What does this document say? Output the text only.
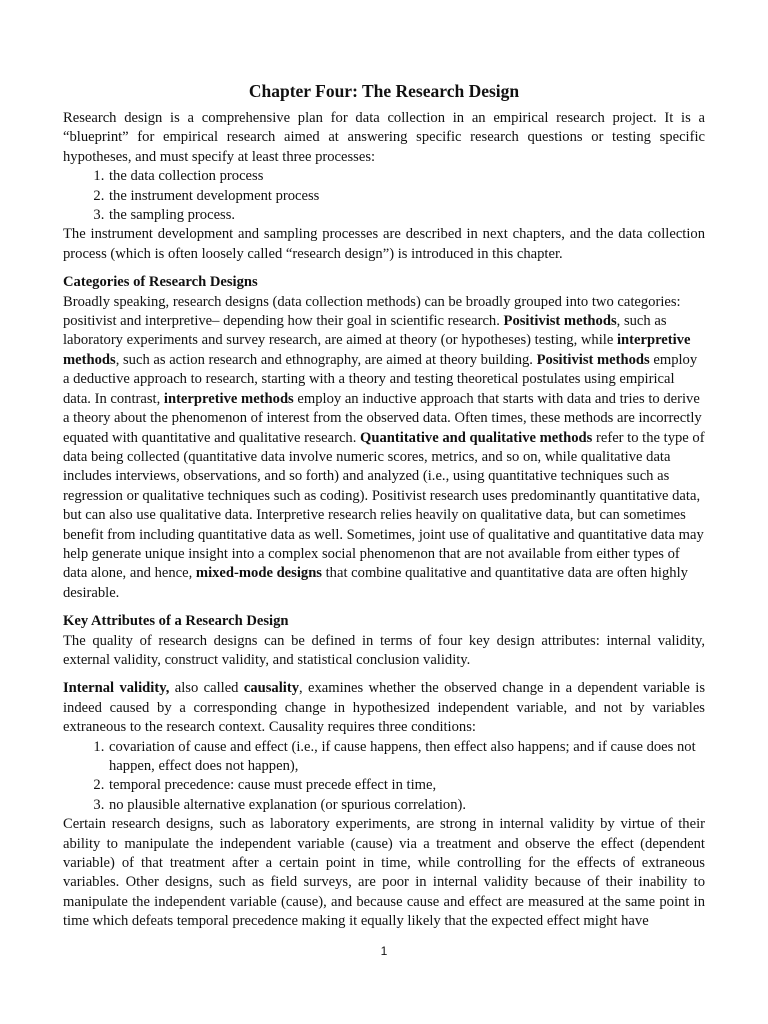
Chapter Four: The Research Design

Research design is a comprehensive plan for data collection in an empirical research project. It is a “blueprint” for empirical research aimed at answering specific research questions or testing specific hypotheses, and must specify at least three processes:

1. the data collection process
2. the instrument development process
3. the sampling process.

The instrument development and sampling processes are described in next chapters, and the data collection process (which is often loosely called “research design”) is introduced in this chapter.

Categories of Research Designs

Broadly speaking, research designs (data collection methods) can be broadly grouped into two categories: positivist and interpretive– depending how their goal in scientific research. Positivist methods, such as laboratory experiments and survey research, are aimed at theory (or hypotheses) testing, while interpretive methods, such as action research and ethnography, are aimed at theory building. Positivist methods employ a deductive approach to research, starting with a theory and testing theoretical postulates using empirical data. In contrast, interpretive methods employ an inductive approach that starts with data and tries to derive a theory about the phenomenon of interest from the observed data. Often times, these methods are incorrectly equated with quantitative and qualitative research. Quantitative and qualitative methods refer to the type of data being collected (quantitative data involve numeric scores, metrics, and so on, while qualitative data includes interviews, observations, and so forth) and analyzed (i.e., using quantitative techniques such as regression or qualitative techniques such as coding). Positivist research uses predominantly quantitative data, but can also use qualitative data. Interpretive research relies heavily on qualitative data, but can sometimes benefit from including quantitative data as well. Sometimes, joint use of qualitative and quantitative data may help generate unique insight into a complex social phenomenon that are not available from either types of data alone, and hence, mixed-mode designs that combine qualitative and quantitative data are often highly desirable.

Key Attributes of a Research Design

The quality of research designs can be defined in terms of four key design attributes: internal validity, external validity, construct validity, and statistical conclusion validity.

Internal validity, also called causality, examines whether the observed change in a dependent variable is indeed caused by a corresponding change in hypothesized independent variable, and not by variables extraneous to the research context. Causality requires three conditions:

1. covariation of cause and effect (i.e., if cause happens, then effect also happens; and if cause does not happen, effect does not happen),
2. temporal precedence: cause must precede effect in time,
3. no plausible alternative explanation (or spurious correlation).

Certain research designs, such as laboratory experiments, are strong in internal validity by virtue of their ability to manipulate the independent variable (cause) via a treatment and observe the effect (dependent variable) of that treatment after a certain point in time, while controlling for the effects of extraneous variables. Other designs, such as field surveys, are poor in internal validity because of their inability to manipulate the independent variable (cause), and because cause and effect are measured at the same point in time which defeats temporal precedence making it equally likely that the expected effect might have

1
